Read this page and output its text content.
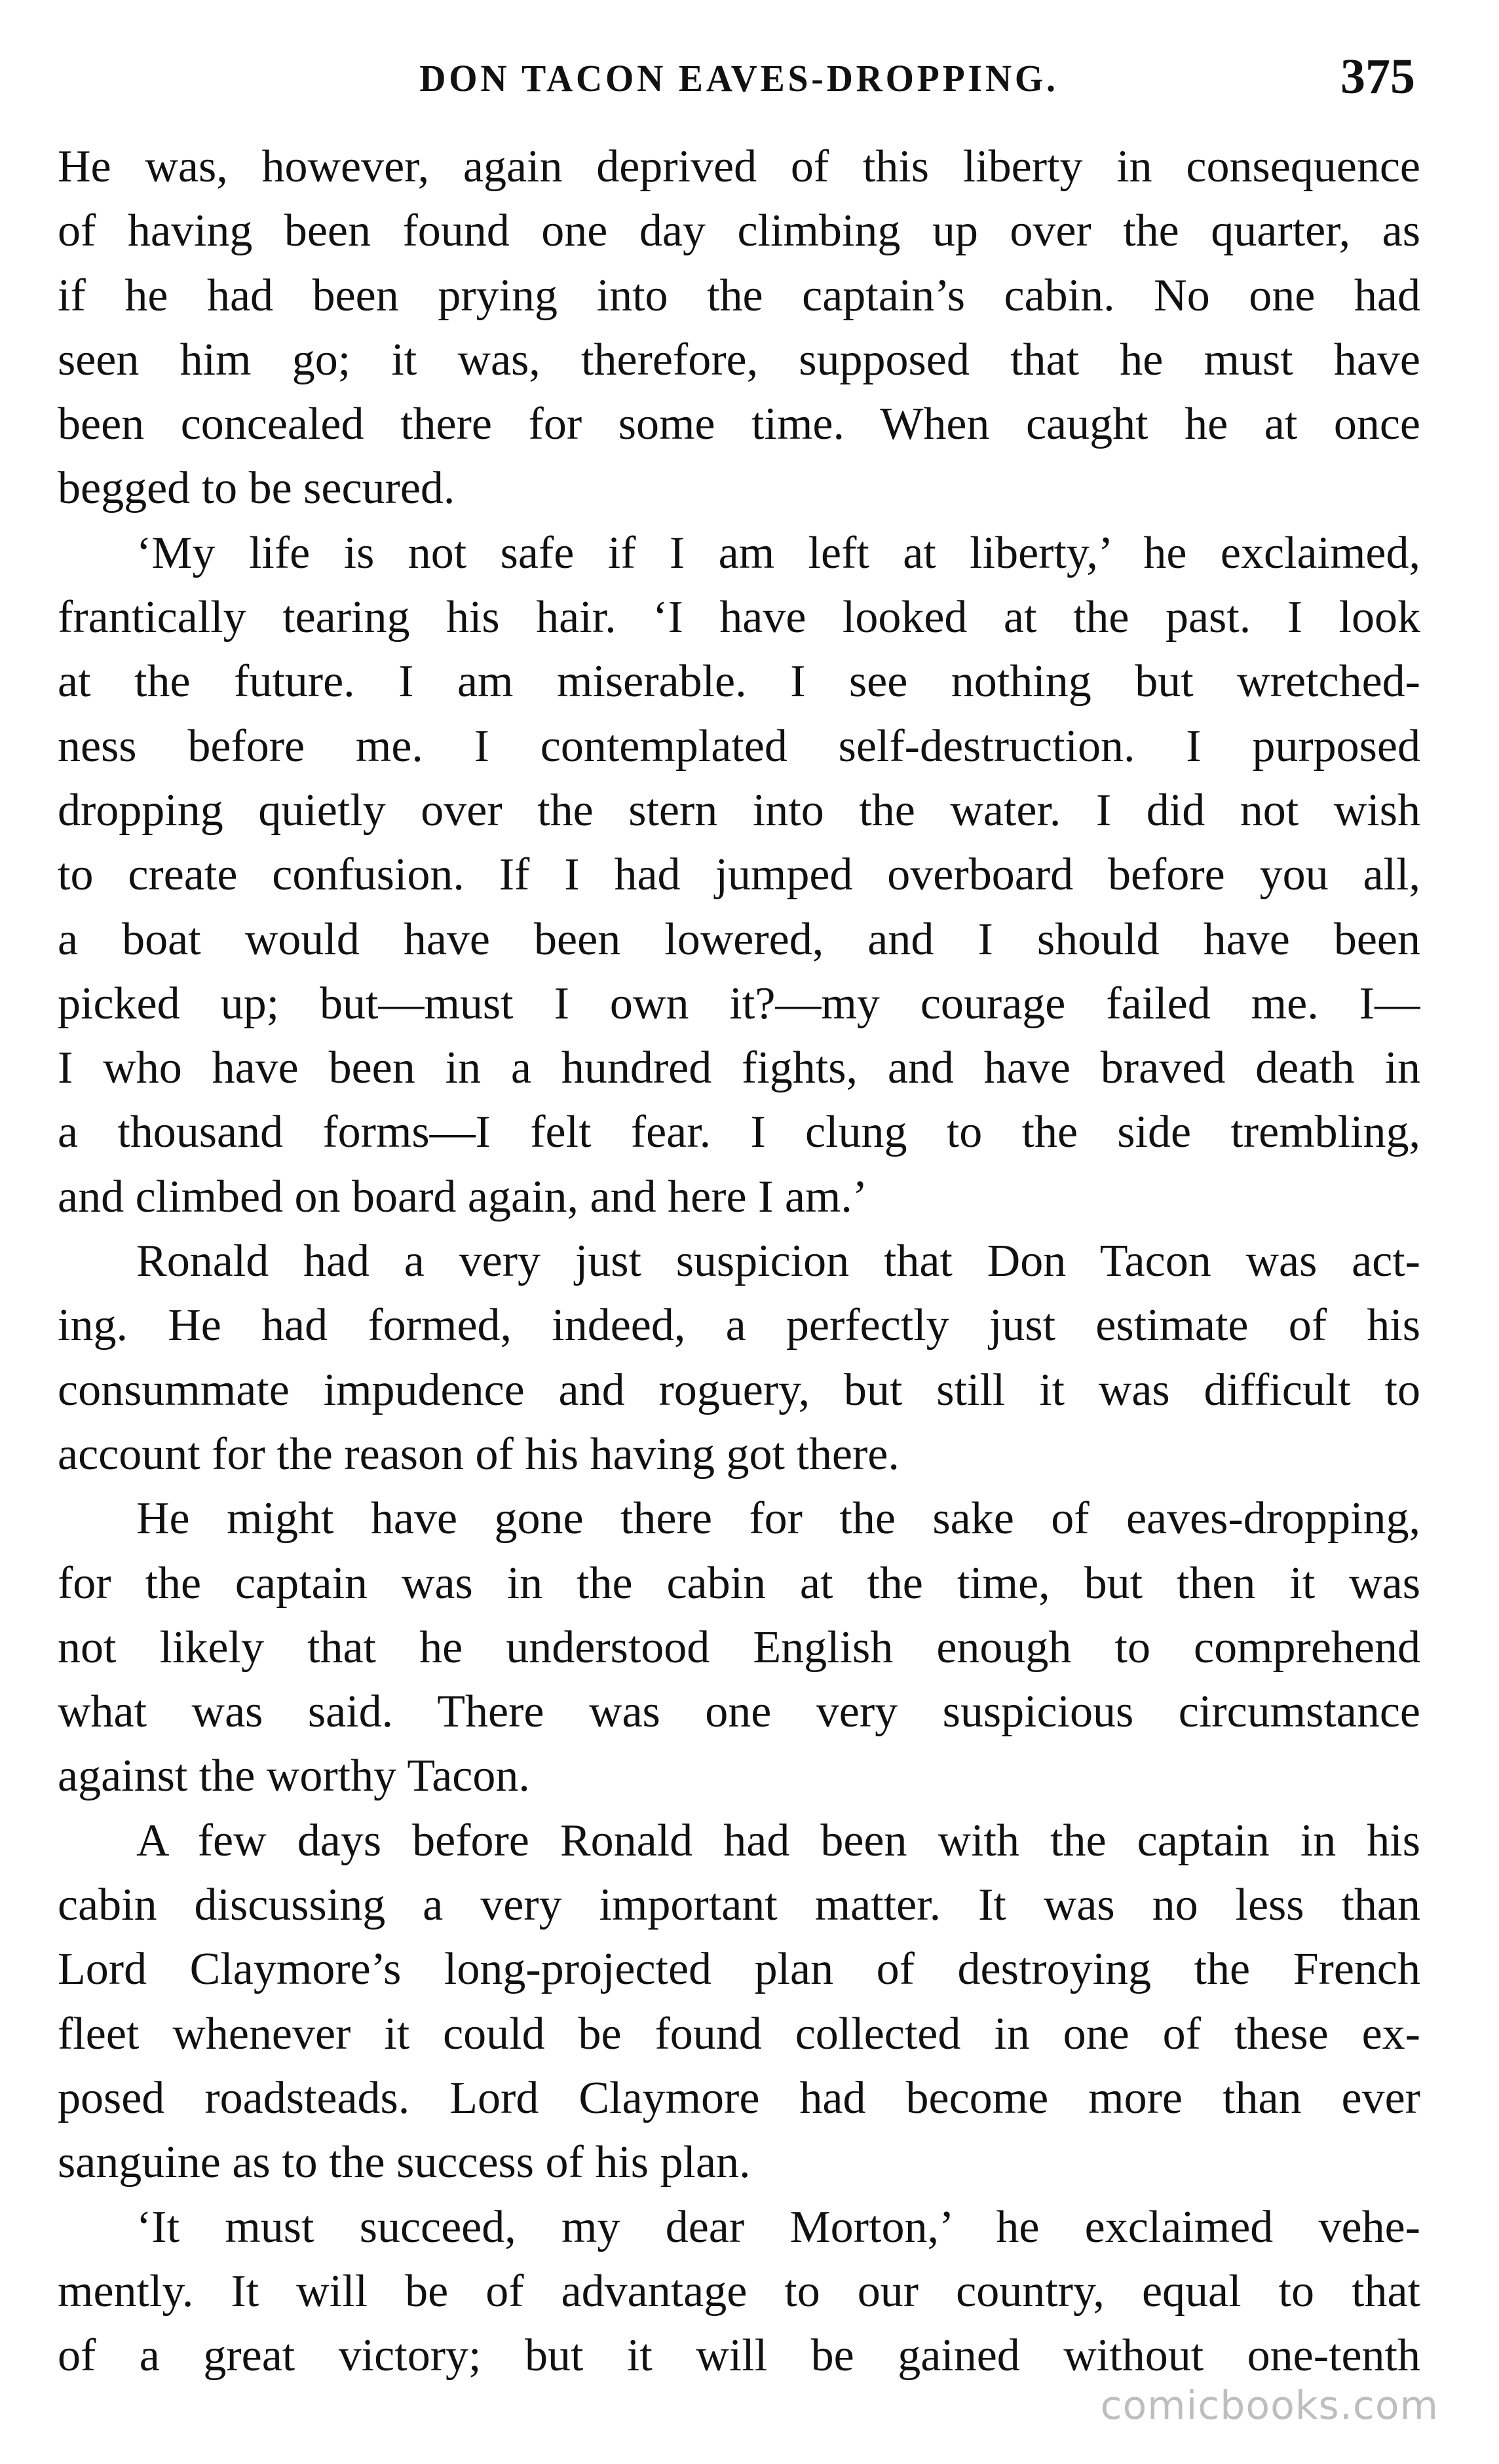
DON TACON EAVES-DROPPING.	375
He was, however, again deprived of this liberty in consequence
of having been found one day climbing up over the quarter, as
if he had been prying into the captain’s cabin. No one had
seen him go; it was, therefore, supposed that he must have
been concealed there for some time. When caught he at once
begged to be secured.
‘My life is not safe if I am left at liberty,’ he exclaimed,
frantically tearing his hair. ‘I have looked at the past. I look
at the future. I am miserable. I see nothing but wretched-
ness before me. I contemplated self-destruction. I purposed
dropping quietly over the stern into the water. I did not wish
to create confusion. If I had jumped overboard before you all,
a boat would have been lowered, and I should have been
picked up; but—must I own it?—my courage failed me. I—
I who have been in a hundred fights, and have braved death in
a thousand forms—I felt fear. I clung to the side trembling,
and climbed on board again, and here I am.’
Ronald had a very just suspicion that Don Tacon was act-
ing. He had formed, indeed, a perfectly just estimate of his
consummate impudence and roguery, but still it was difficult to
account for the reason of his having got there.
He might have gone there for the sake of eaves-dropping,
for the captain was in the cabin at the time, but then it was
not likely that he understood English enough to comprehend
what was said. There was one very suspicious circumstance
against the worthy Tacon.
A few days before Ronald had been with the captain in his
cabin discussing a very important matter. It was no less than
Lord Claymore’s long-projected plan of destroying the French
fleet whenever it could be found collected in one of these ex-
posed roadsteads. Lord Claymore had become more than ever
sanguine as to the success of his plan.
‘It must succeed, my dear Morton,’ he exclaimed vehe-
mently. It will be of advantage to our country, equal to that
of a great victory; but it will be gained without one-tenth
comicbooks.com
